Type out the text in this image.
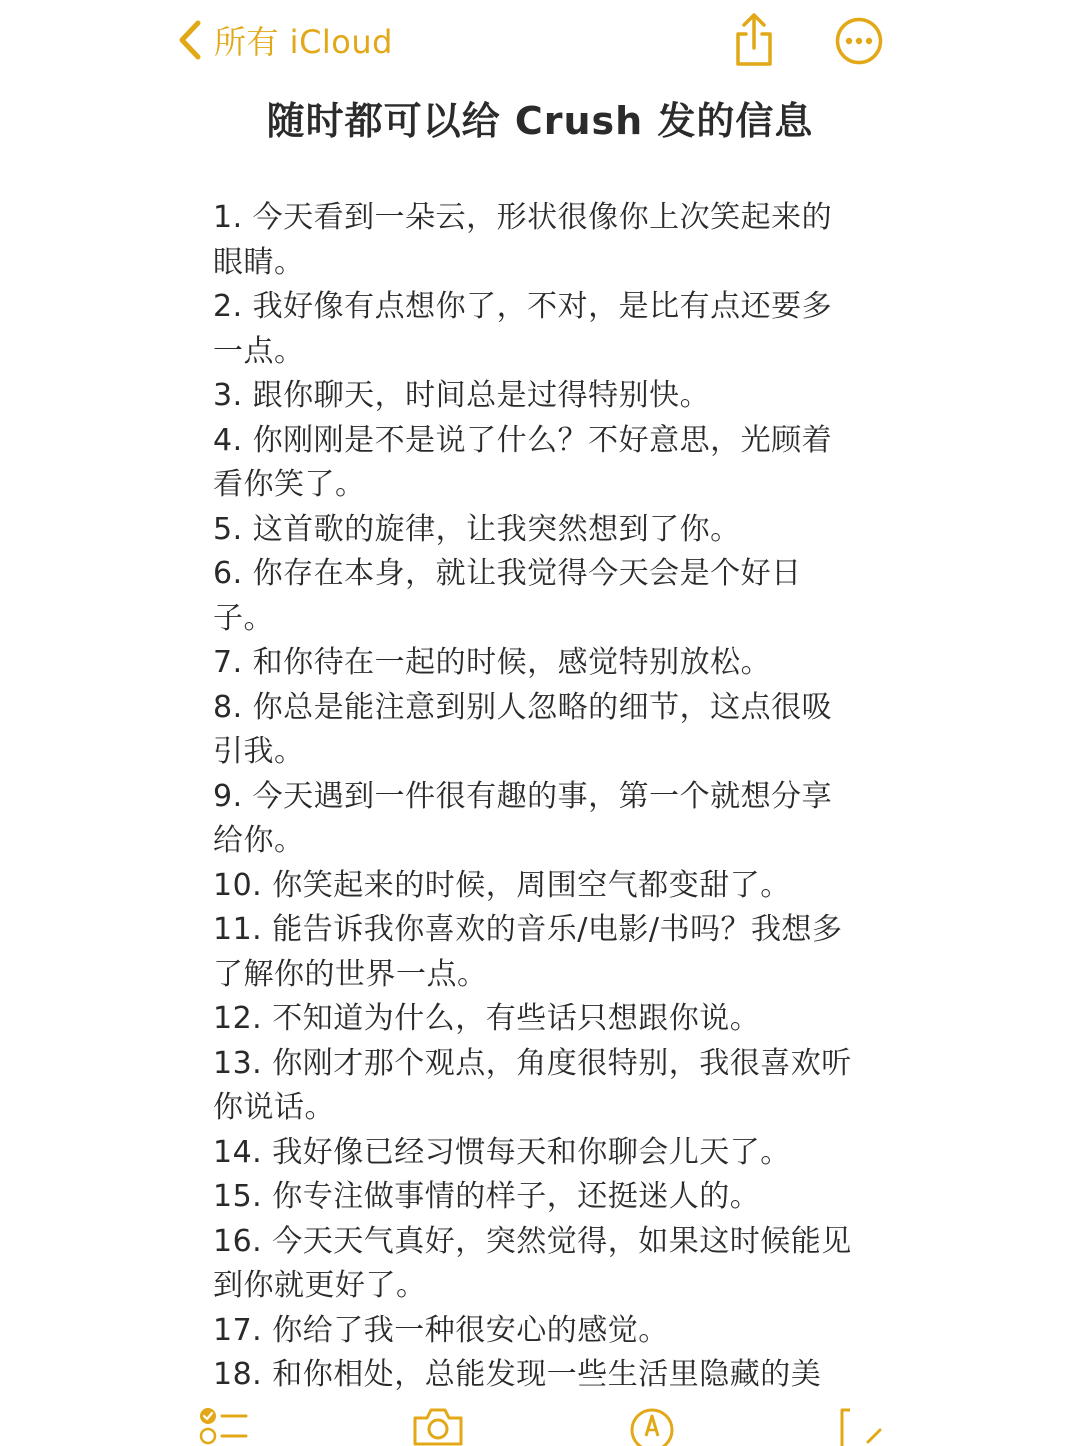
所有 iCloud
随时都可以给 Crush 发的信息
1. 今天看到一朵云，形状很像你上次笑起来的
眼睛。
2. 我好像有点想你了，不对，是比有点还要多
一点。
3. 跟你聊天，时间总是过得特别快。
4. 你刚刚是不是说了什么？不好意思，光顾着
看你笑了。
5. 这首歌的旋律，让我突然想到了你。
6. 你存在本身，就让我觉得今天会是个好日
子。
7. 和你待在一起的时候，感觉特别放松。
8. 你总是能注意到别人忽略的细节，这点很吸
引我。
9. 今天遇到一件很有趣的事，第一个就想分享
给你。
10. 你笑起来的时候，周围空气都变甜了。
11. 能告诉我你喜欢的音乐/电影/书吗？我想多
了解你的世界一点。
12. 不知道为什么，有些话只想跟你说。
13. 你刚才那个观点，角度很特别，我很喜欢听
你说话。
14. 我好像已经习惯每天和你聊会儿天了。
15. 你专注做事情的样子，还挺迷人的。
16. 今天天气真好，突然觉得，如果这时候能见
到你就更好了。
17. 你给了我一种很安心的感觉。
18. 和你相处，总能发现一些生活里隐藏的美
